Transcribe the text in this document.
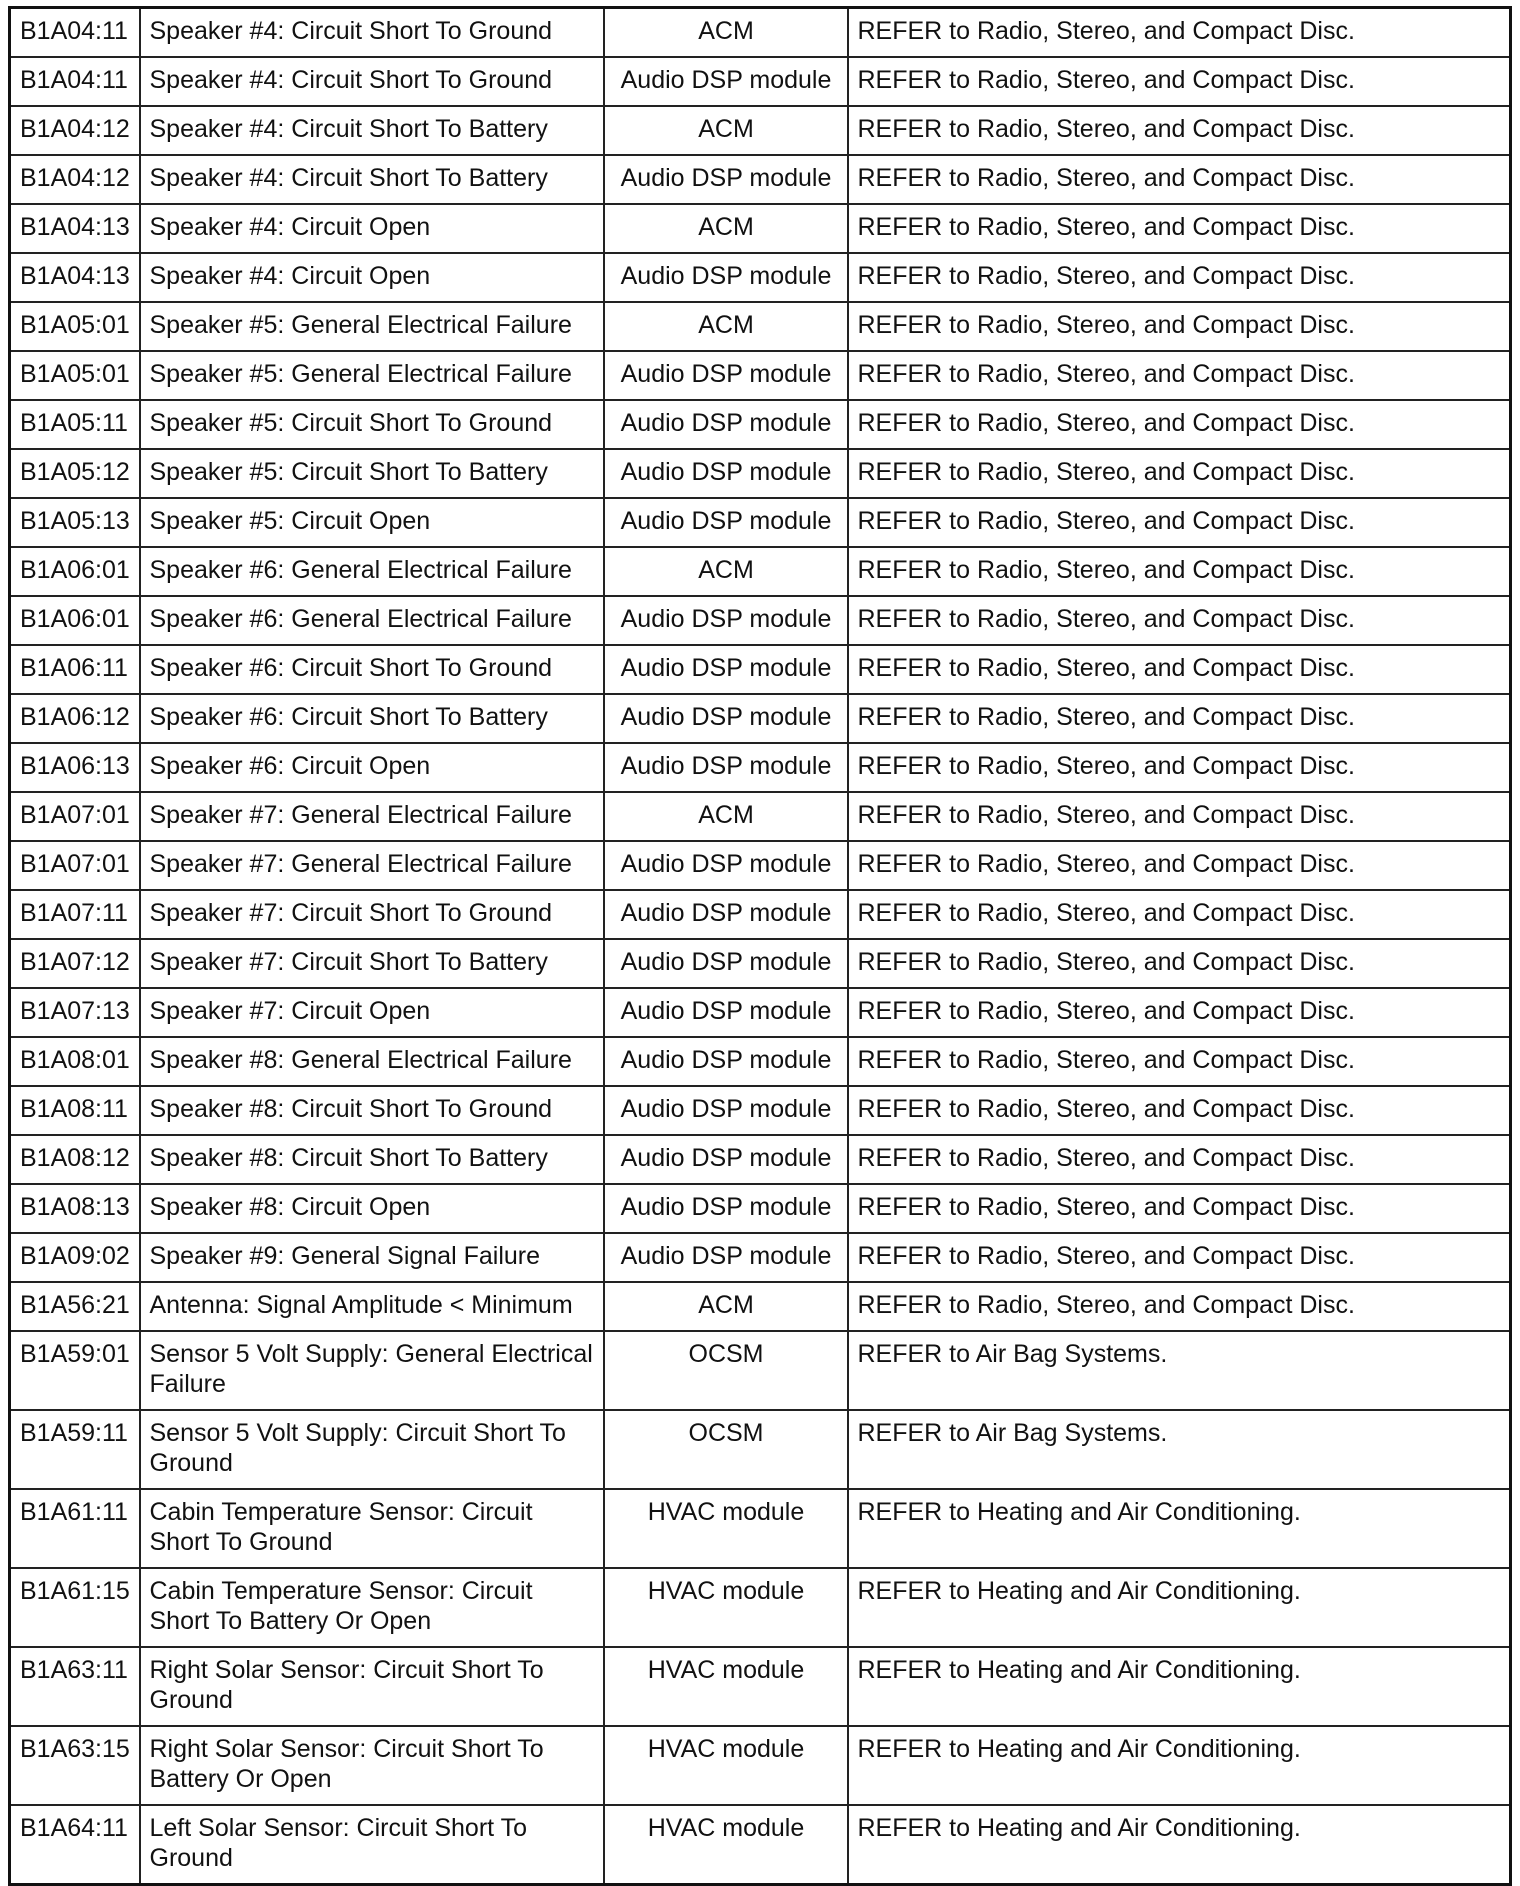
B1A04:11	Speaker #4: Circuit Short To Ground	ACM	REFER to Radio, Stereo, and Compact Disc.
B1A04:11	Speaker #4: Circuit Short To Ground	Audio DSP module	REFER to Radio, Stereo, and Compact Disc.
B1A04:12	Speaker #4: Circuit Short To Battery	ACM	REFER to Radio, Stereo, and Compact Disc.
B1A04:12	Speaker #4: Circuit Short To Battery	Audio DSP module	REFER to Radio, Stereo, and Compact Disc.
B1A04:13	Speaker #4: Circuit Open	ACM	REFER to Radio, Stereo, and Compact Disc.
B1A04:13	Speaker #4: Circuit Open	Audio DSP module	REFER to Radio, Stereo, and Compact Disc.
B1A05:01	Speaker #5: General Electrical Failure	ACM	REFER to Radio, Stereo, and Compact Disc.
B1A05:01	Speaker #5: General Electrical Failure	Audio DSP module	REFER to Radio, Stereo, and Compact Disc.
B1A05:11	Speaker #5: Circuit Short To Ground	Audio DSP module	REFER to Radio, Stereo, and Compact Disc.
B1A05:12	Speaker #5: Circuit Short To Battery	Audio DSP module	REFER to Radio, Stereo, and Compact Disc.
B1A05:13	Speaker #5: Circuit Open	Audio DSP module	REFER to Radio, Stereo, and Compact Disc.
B1A06:01	Speaker #6: General Electrical Failure	ACM	REFER to Radio, Stereo, and Compact Disc.
B1A06:01	Speaker #6: General Electrical Failure	Audio DSP module	REFER to Radio, Stereo, and Compact Disc.
B1A06:11	Speaker #6: Circuit Short To Ground	Audio DSP module	REFER to Radio, Stereo, and Compact Disc.
B1A06:12	Speaker #6: Circuit Short To Battery	Audio DSP module	REFER to Radio, Stereo, and Compact Disc.
B1A06:13	Speaker #6: Circuit Open	Audio DSP module	REFER to Radio, Stereo, and Compact Disc.
B1A07:01	Speaker #7: General Electrical Failure	ACM	REFER to Radio, Stereo, and Compact Disc.
B1A07:01	Speaker #7: General Electrical Failure	Audio DSP module	REFER to Radio, Stereo, and Compact Disc.
B1A07:11	Speaker #7: Circuit Short To Ground	Audio DSP module	REFER to Radio, Stereo, and Compact Disc.
B1A07:12	Speaker #7: Circuit Short To Battery	Audio DSP module	REFER to Radio, Stereo, and Compact Disc.
B1A07:13	Speaker #7: Circuit Open	Audio DSP module	REFER to Radio, Stereo, and Compact Disc.
B1A08:01	Speaker #8: General Electrical Failure	Audio DSP module	REFER to Radio, Stereo, and Compact Disc.
B1A08:11	Speaker #8: Circuit Short To Ground	Audio DSP module	REFER to Radio, Stereo, and Compact Disc.
B1A08:12	Speaker #8: Circuit Short To Battery	Audio DSP module	REFER to Radio, Stereo, and Compact Disc.
B1A08:13	Speaker #8: Circuit Open	Audio DSP module	REFER to Radio, Stereo, and Compact Disc.
B1A09:02	Speaker #9: General Signal Failure	Audio DSP module	REFER to Radio, Stereo, and Compact Disc.
B1A56:21	Antenna: Signal Amplitude < Minimum	ACM	REFER to Radio, Stereo, and Compact Disc.
B1A59:01	Sensor 5 Volt Supply: General Electrical Failure	OCSM	REFER to Air Bag Systems.
B1A59:11	Sensor 5 Volt Supply: Circuit Short To Ground	OCSM	REFER to Air Bag Systems.
B1A61:11	Cabin Temperature Sensor: Circuit Short To Ground	HVAC module	REFER to Heating and Air Conditioning.
B1A61:15	Cabin Temperature Sensor: Circuit Short To Battery Or Open	HVAC module	REFER to Heating and Air Conditioning.
B1A63:11	Right Solar Sensor: Circuit Short To Ground	HVAC module	REFER to Heating and Air Conditioning.
B1A63:15	Right Solar Sensor: Circuit Short To Battery Or Open	HVAC module	REFER to Heating and Air Conditioning.
B1A64:11	Left Solar Sensor: Circuit Short To Ground	HVAC module	REFER to Heating and Air Conditioning.
